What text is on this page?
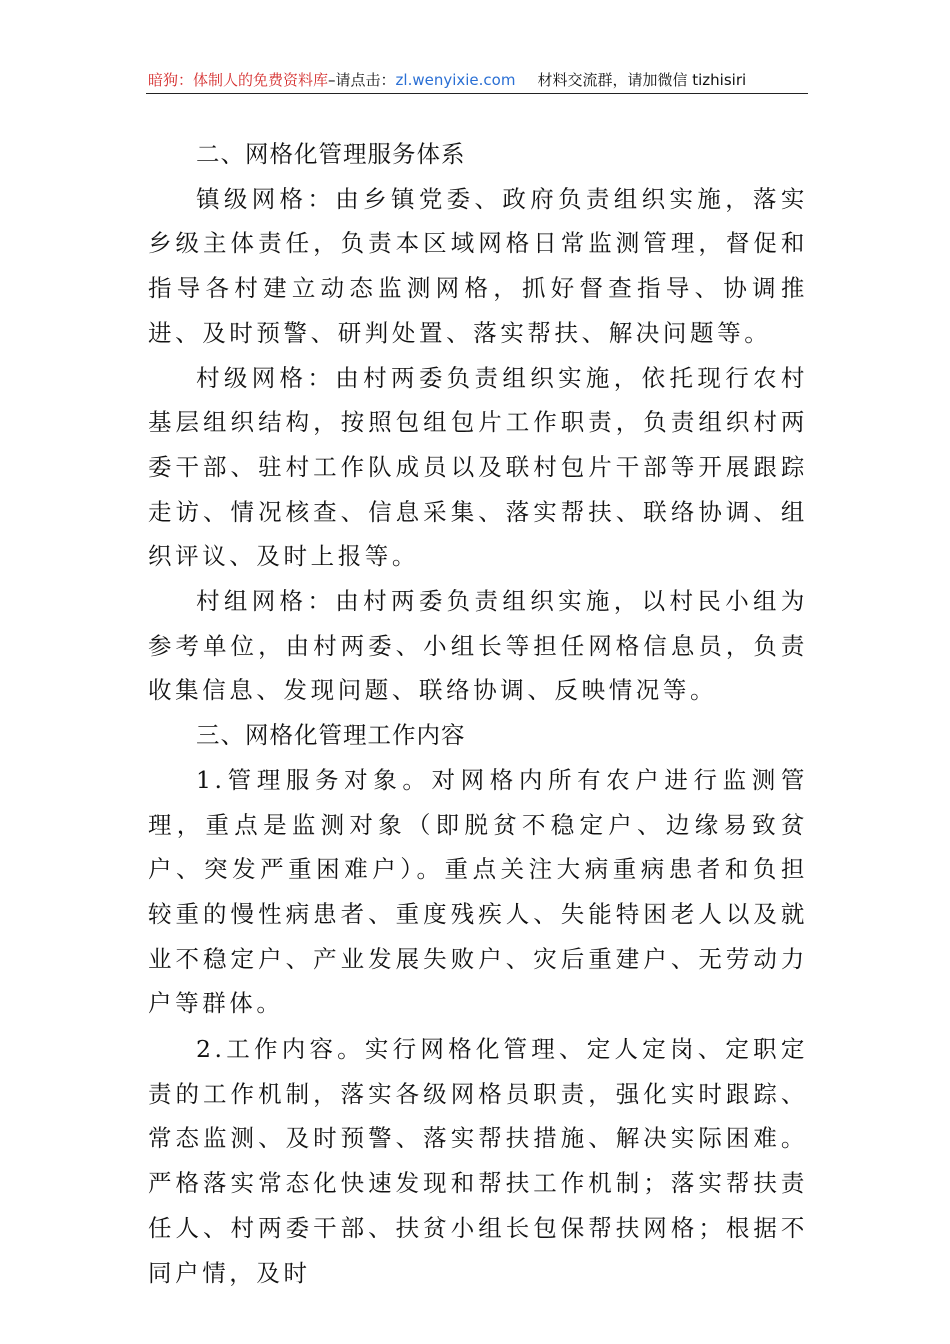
暗狗：体制人的免费资料库–请点击：zl.wenyixie.com 材料交流群，请加微信 tizhisiri

二、网格化管理服务体系

镇级网格：由乡镇党委、政府负责组织实施，落实乡级主体责任，负责本区域网格日常监测管理，督促和指导各村建立动态监测网格，抓好督查指导、协调推进、及时预警、研判处置、落实帮扶、解决问题等。

村级网格：由村两委负责组织实施，依托现行农村基层组织结构，按照包组包片工作职责，负责组织村两委干部、驻村工作队成员以及联村包片干部等开展跟踪走访、情况核查、信息采集、落实帮扶、联络协调、组织评议、及时上报等。

村组网格：由村两委负责组织实施，以村民小组为参考单位，由村两委、小组长等担任网格信息员，负责收集信息、发现问题、联络协调、反映情况等。

三、网格化管理工作内容

1.管理服务对象。对网格内所有农户进行监测管理，重点是监测对象（即脱贫不稳定户、边缘易致贫户、突发严重困难户）。重点关注大病重病患者和负担较重的慢性病患者、重度残疾人、失能特困老人以及就业不稳定户、产业发展失败户、灾后重建户、无劳动力户等群体。

2.工作内容。实行网格化管理、定人定岗、定职定责的工作机制，落实各级网格员职责，强化实时跟踪、常态监测、及时预警、落实帮扶措施、解决实际困难。严格落实常态化快速发现和帮扶工作机制；落实帮扶责任人、村两委干部、扶贫小组长包保帮扶网格；根据不同户情，及时
